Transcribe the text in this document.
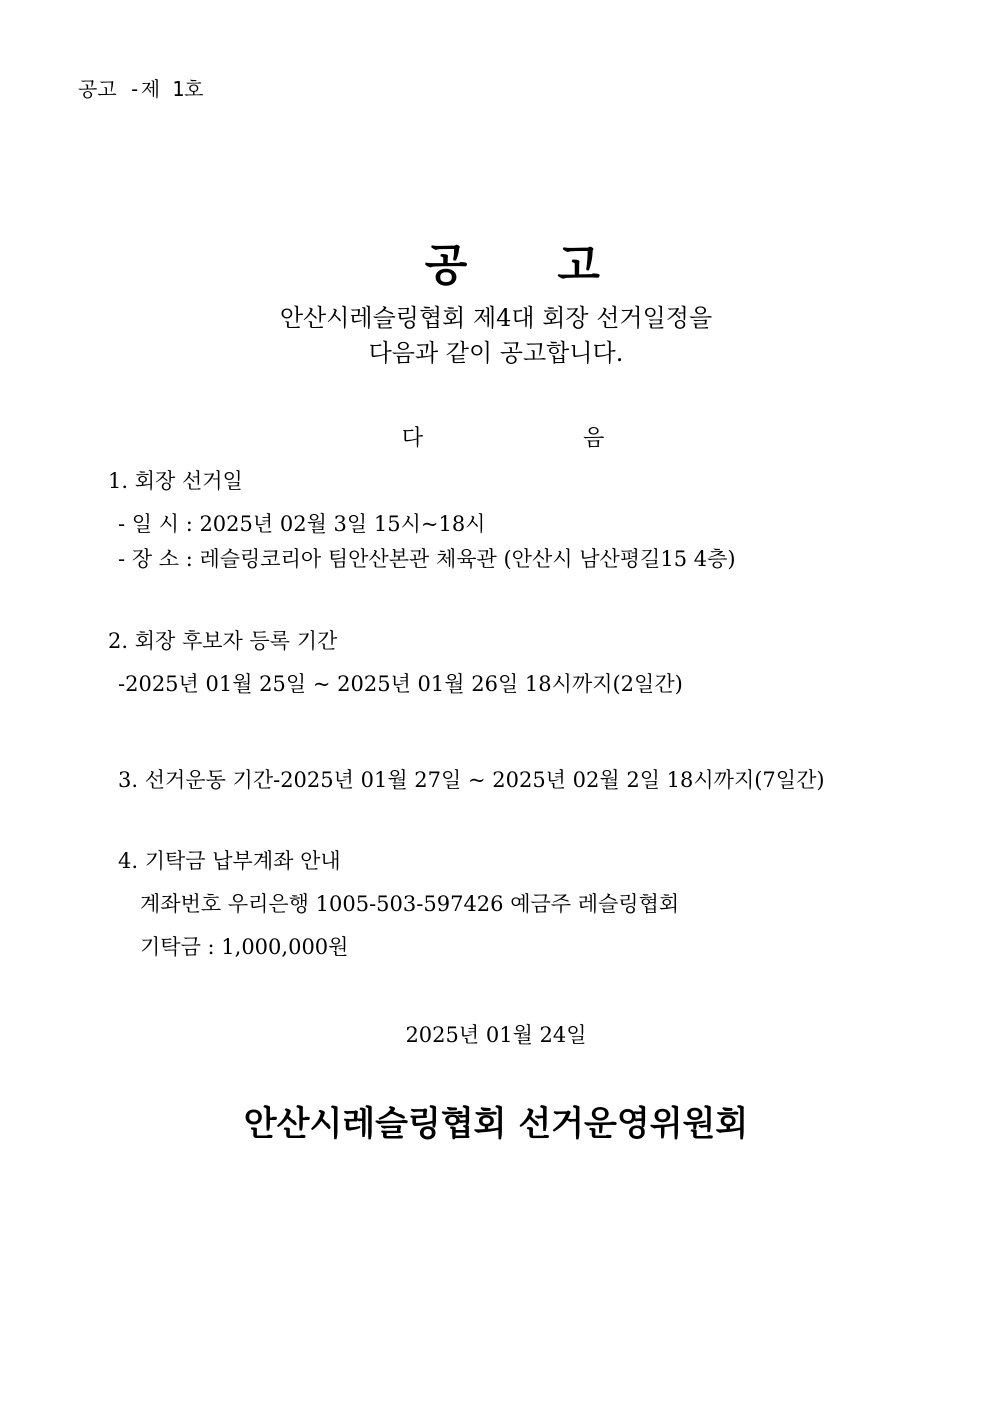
공고 -제 1호

공 고

안산시레슬링협회 제4대 회장 선거일정을
다음과 같이 공고합니다.

다	음

1. 회장 선거일
- 일 시 : 2025년 02월 3일 15시~18시
- 장 소 : 레슬링코리아 팀안산본관 체육관 (안산시 남산평길15 4층)
2. 회장 후보자 등록 기간
-2025년 01월 25일 ~ 2025년 01월 26일 18시까지(2일간)
3. 선거운동 기간-2025년 01월 27일 ~ 2025년 02월 2일 18시까지(7일간)
4. 기탁금 납부계좌 안내
계좌번호 우리은행 1005-503-597426 예금주 레슬링협회
기탁금 : 1,000,000원
2025년 01월 24일
안산시레슬링협회 선거운영위원회
